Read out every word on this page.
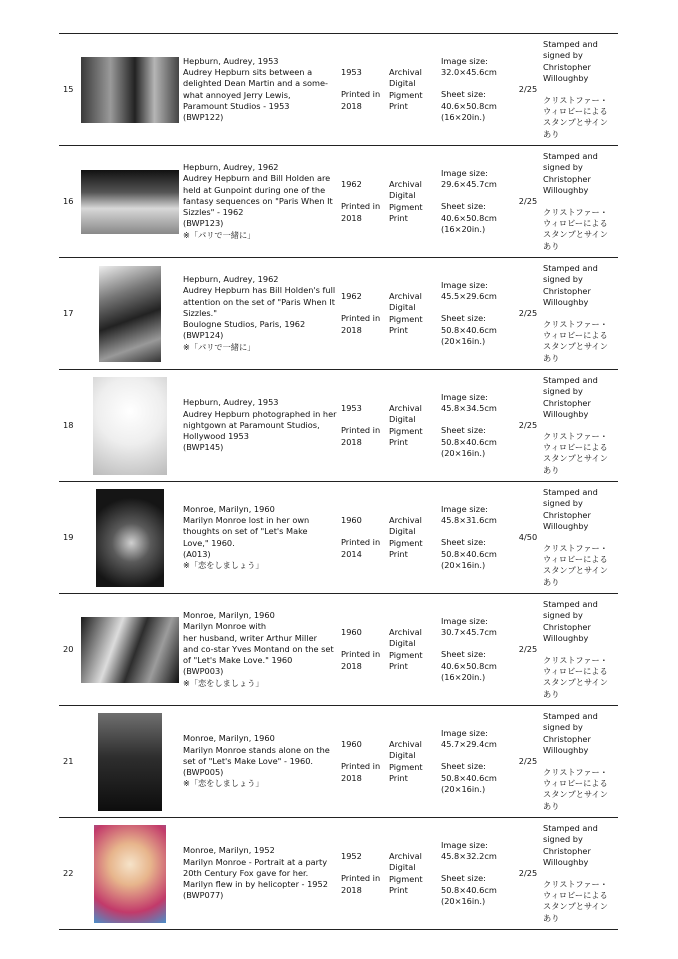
15
Hepburn, Audrey, 1953
Audrey Hepburn sits between a
delighted Dean Martin and a some-
what annoyed Jerry Lewis,
Paramount Studios - 1953
(BWP122)
1953
Printed in 2018
Archival
Digital
Pigment
Print
Image size:
32.0×45.6cm
Sheet size:
40.6×50.8cm
(16×20in.)
2/25
Stamped and
signed by
Christopher
Willoughby
クリストファー・
ウィロビーによる
スタンプとサイン
あり
16
Hepburn, Audrey, 1962
Audrey Hepburn and Bill Holden are
held at Gunpoint during one of the
fantasy sequences on "Paris When It
Sizzles" - 1962
(BWP123)
※「パリで一緒に」
1962
Printed in 2018
Archival
Digital
Pigment
Print
Image size:
29.6×45.7cm
Sheet size:
40.6×50.8cm
(16×20in.)
2/25
Stamped and
signed by
Christopher
Willoughby
クリストファー・
ウィロビーによる
スタンプとサイン
あり
17
Hepburn, Audrey, 1962
Audrey Hepburn has Bill Holden's full
attention on the set of "Paris When It
Sizzles."
Boulogne Studios, Paris, 1962
(BWP124)
※「パリで一緒に」
1962
Printed in 2018
Archival
Digital
Pigment
Print
Image size:
45.5×29.6cm
Sheet size:
50.8×40.6cm
(20×16in.)
2/25
Stamped and
signed by
Christopher
Willoughby
クリストファー・
ウィロビーによる
スタンプとサイン
あり
18
Hepburn, Audrey, 1953
Audrey Hepburn photographed in her
nightgown at Paramount Studios,
Hollywood 1953
(BWP145)
1953
Printed in 2018
Archival
Digital
Pigment
Print
Image size:
45.8×34.5cm
Sheet size:
50.8×40.6cm
(20×16in.)
2/25
Stamped and
signed by
Christopher
Willoughby
クリストファー・
ウィロビーによる
スタンプとサイン
あり
19
Monroe, Marilyn, 1960
Marilyn Monroe lost in her own
thoughts on set of "Let's Make
Love," 1960.
(A013)
※「恋をしましょう」
1960
Printed in 2014
Archival
Digital
Pigment
Print
Image size:
45.8×31.6cm
Sheet size:
50.8×40.6cm
(20×16in.)
4/50
Stamped and
signed by
Christopher
Willoughby
クリストファー・
ウィロビーによる
スタンプとサイン
あり
20
Monroe, Marilyn, 1960
Marilyn Monroe with
her husband, writer Arthur Miller
and co-star Yves Montand on the set
of "Let's Make Love." 1960
(BWP003)
※「恋をしましょう」
1960
Printed in 2018
Archival
Digital
Pigment
Print
Image size:
30.7×45.7cm
Sheet size:
40.6×50.8cm
(16×20in.)
2/25
Stamped and
signed by
Christopher
Willoughby
クリストファー・
ウィロビーによる
スタンプとサイン
あり
21
Monroe, Marilyn, 1960
Marilyn Monroe stands alone on the
set of "Let's Make Love" - 1960.
(BWP005)
※「恋をしましょう」
1960
Printed in 2018
Archival
Digital
Pigment
Print
Image size:
45.7×29.4cm
Sheet size:
50.8×40.6cm
(20×16in.)
2/25
Stamped and
signed by
Christopher
Willoughby
クリストファー・
ウィロビーによる
スタンプとサイン
あり
22
Monroe, Marilyn, 1952
Marilyn Monroe - Portrait at a party
20th Century Fox gave for her.
Marilyn flew in by helicopter - 1952
(BWP077)
1952
Printed in 2018
Archival
Digital
Pigment
Print
Image size:
45.8×32.2cm
Sheet size:
50.8×40.6cm
(20×16in.)
2/25
Stamped and
signed by
Christopher
Willoughby
クリストファー・
ウィロビーによる
スタンプとサイン
あり
